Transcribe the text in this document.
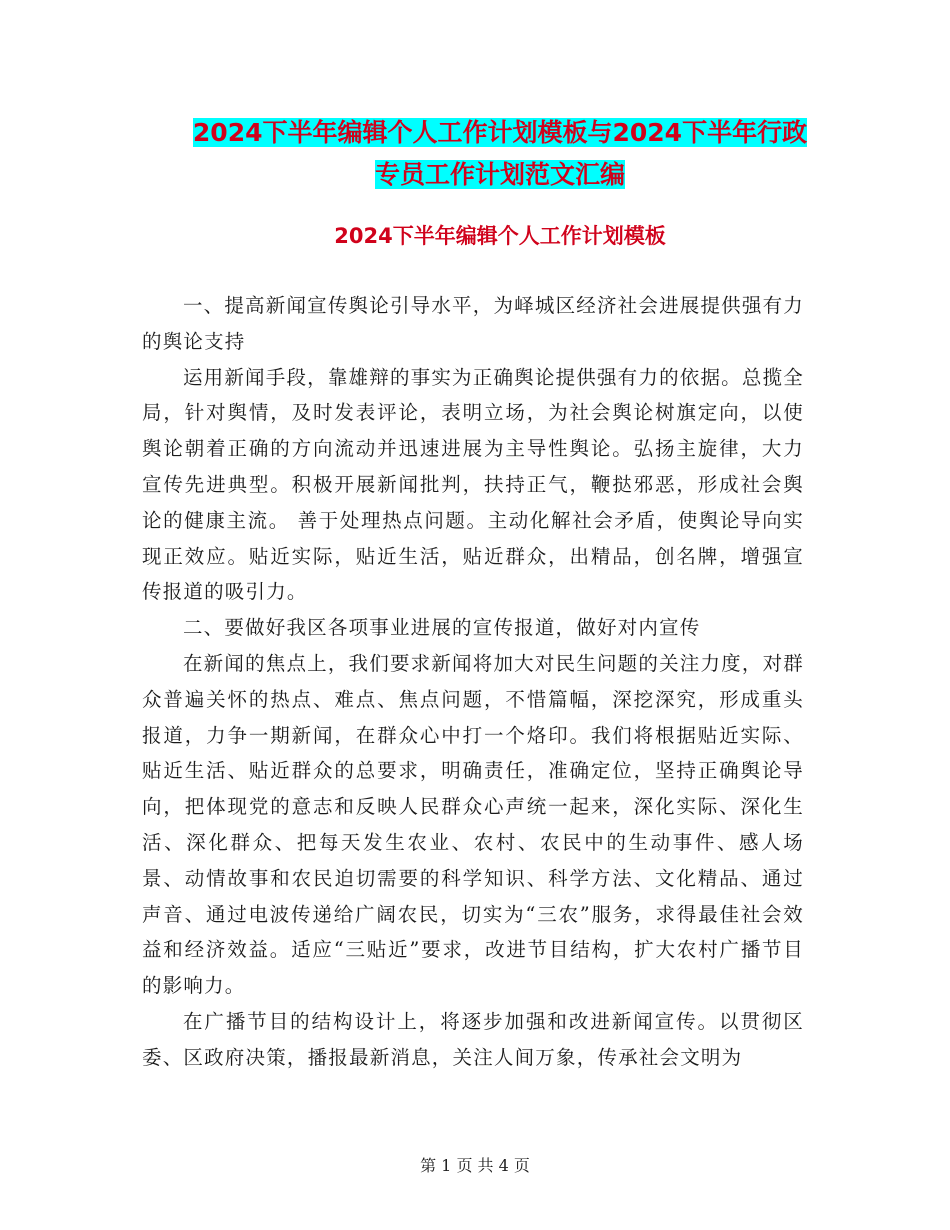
2024下半年编辑个人工作计划模板与2024下半年行政
专员工作计划范文汇编
2024下半年编辑个人工作计划模板

一、提高新闻宣传舆论引导水平，为峄城区经济社会进展提供强有力的舆论支持

运用新闻手段，靠雄辩的事实为正确舆论提供强有力的依据。总揽全局，针对舆情，及时发表评论，表明立场，为社会舆论树旗定向，以使舆论朝着正确的方向流动并迅速进展为主导性舆论。弘扬主旋律，大力宣传先进典型。积极开展新闻批判，扶持正气，鞭挞邪恶，形成社会舆论的健康主流。 善于处理热点问题。主动化解社会矛盾，使舆论导向实现正效应。贴近实际，贴近生活，贴近群众，出精品，创名牌，增强宣传报道的吸引力。

二、要做好我区各项事业进展的宣传报道，做好对内宣传

在新闻的焦点上，我们要求新闻将加大对民生问题的关注力度，对群众普遍关怀的热点、难点、焦点问题，不惜篇幅，深挖深究，形成重头报道，力争一期新闻，在群众心中打一个烙印。我们将根据贴近实际、贴近生活、贴近群众的总要求，明确责任，准确定位，坚持正确舆论导向，把体现党的意志和反映人民群众心声统一起来，深化实际、深化生活、深化群众、把每天发生农业、农村、农民中的生动事件、感人场景、动情故事和农民迫切需要的科学知识、科学方法、文化精品、通过声音、通过电波传递给广阔农民，切实为“三农”服务，求得最佳社会效益和经济效益。适应“三贴近”要求，改进节目结构，扩大农村广播节目的影响力。

在广播节目的结构设计上，将逐步加强和改进新闻宣传。以贯彻区委、区政府决策，播报最新消息，关注人间万象，传承社会文明为

第 1 页 共 4 页
